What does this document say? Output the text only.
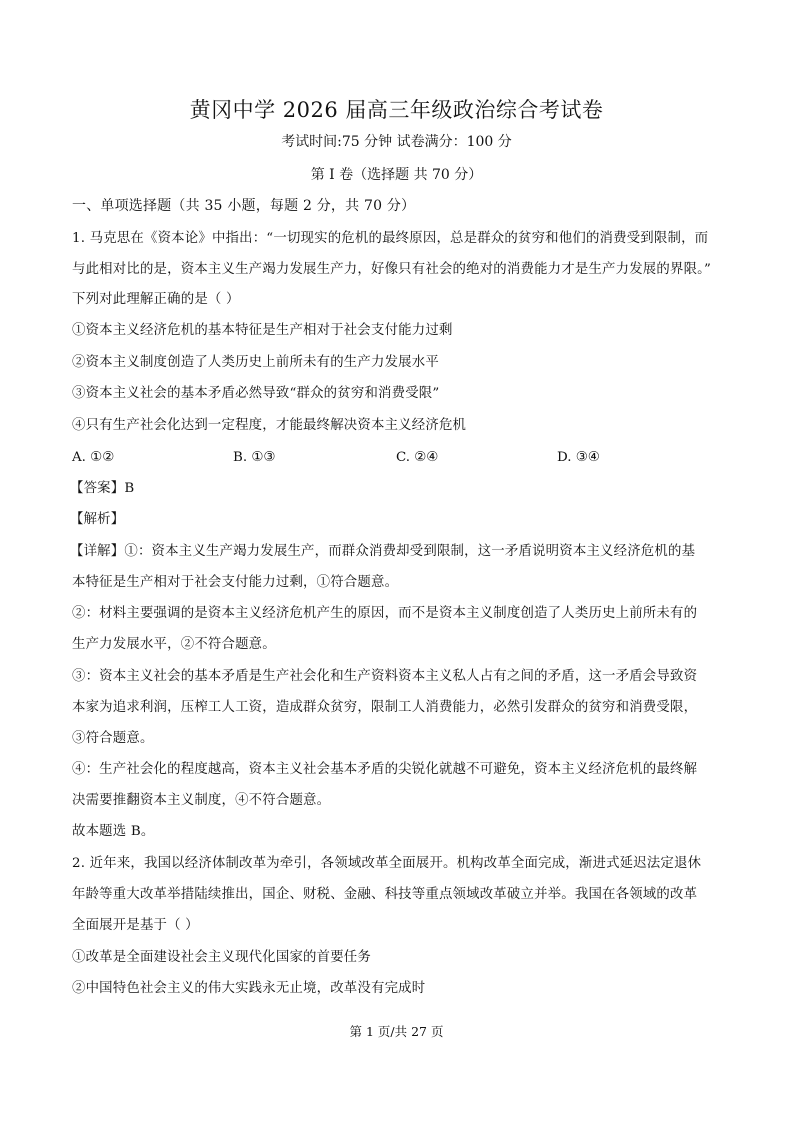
黄冈中学 2026 届高三年级政治综合考试卷
考试时间:75 分钟 试卷满分：100 分
第 I 卷（选择题 共 70 分）
一、单项选择题（共 35 小题，每题 2 分，共 70 分）
1. 马克思在《资本论》中指出：“一切现实的危机的最终原因，总是群众的贫穷和他们的消费受到限制，而
与此相对比的是，资本主义生产竭力发展生产力，好像只有社会的绝对的消费能力才是生产力发展的界限。”
下列对此理解正确的是（ ）
①资本主义经济危机的基本特征是生产相对于社会支付能力过剩
②资本主义制度创造了人类历史上前所未有的生产力发展水平
③资本主义社会的基本矛盾必然导致“群众的贫穷和消费受限”
④只有生产社会化达到一定程度，才能最终解决资本主义经济危机
A. ①②	B. ①③	C. ②④	D. ③④
【答案】B
【解析】
【详解】①：资本主义生产竭力发展生产，而群众消费却受到限制，这一矛盾说明资本主义经济危机的基
本特征是生产相对于社会支付能力过剩，①符合题意。
②：材料主要强调的是资本主义经济危机产生的原因，而不是资本主义制度创造了人类历史上前所未有的
生产力发展水平，②不符合题意。
③：资本主义社会的基本矛盾是生产社会化和生产资料资本主义私人占有之间的矛盾，这一矛盾会导致资
本家为追求利润，压榨工人工资，造成群众贫穷，限制工人消费能力，必然引发群众的贫穷和消费受限，
③符合题意。
④：生产社会化的程度越高，资本主义社会基本矛盾的尖锐化就越不可避免，资本主义经济危机的最终解
决需要推翻资本主义制度，④不符合题意。
故本题选 B。
2. 近年来，我国以经济体制改革为牵引，各领域改革全面展开。机构改革全面完成，渐进式延迟法定退休
年龄等重大改革举措陆续推出，国企、财税、金融、科技等重点领域改革破立并举。我国在各领域的改革
全面展开是基于（ ）
①改革是全面建设社会主义现代化国家的首要任务
②中国特色社会主义的伟大实践永无止境，改革没有完成时
第 1 页/共 27 页
